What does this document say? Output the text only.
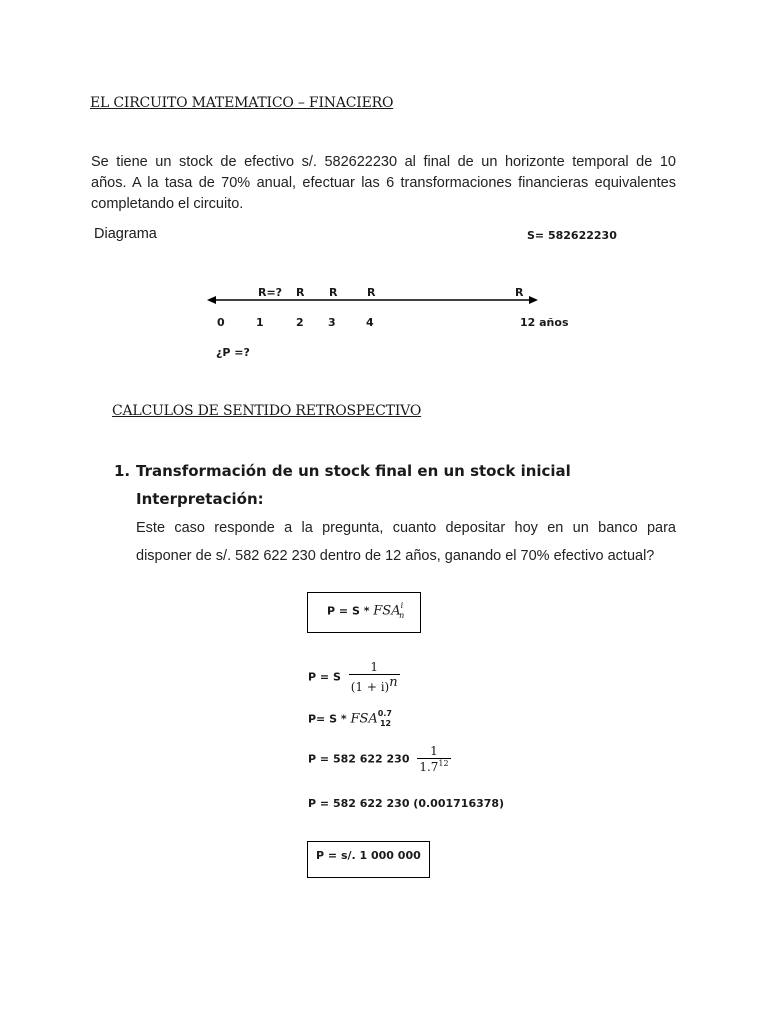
EL CIRCUITO MATEMATICO – FINACIERO
Se tiene un stock de efectivo s/. 582622230 al final de un horizonte temporal de 10
años. A la tasa de 70% anual, efectuar las 6 transformaciones financieras equivalentes
completando el circuito.
Diagrama	S= 582622230
R=? R R	R	R
0	1	2 3	4	12 años
¿P =?
CALCULOS DE SENTIDO RETROSPECTIVO
1. Transformación de un stock final en un stock inicial
Interpretación:
Este caso responde a la pregunta, cuanto depositar hoy en un banco para
disponer de s/. 582 622 230 dentro de 12 años, ganando el 70% efectivo actual?
$P = S * FSA^i_n$
P = S $\frac{1}{(1 + i)^n}$
$P= S * FSA^{0.7}_{12}$
P = 582 622 $230 \frac{1}{1.7^{12}}$
P = 582 622 230 (0.001716378)
P = s/. 1 000 000
